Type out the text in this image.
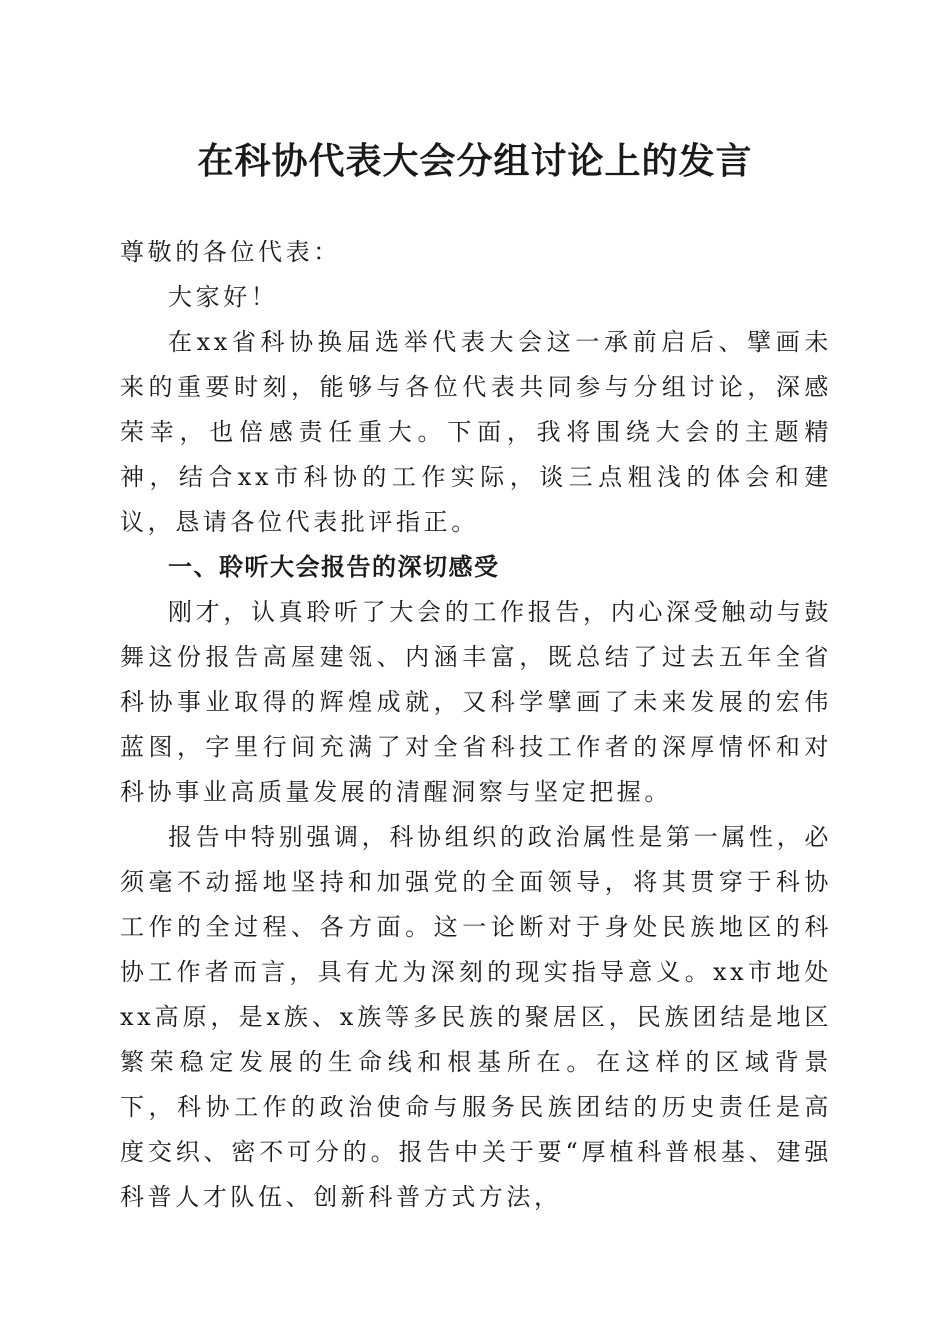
在科协代表大会分组讨论上的发言

尊敬的各位代表：

大家好！

在xx省科协换届选举代表大会这一承前启后、擘画未来的重要时刻，能够与各位代表共同参与分组讨论，深感荣幸，也倍感责任重大。下面，我将围绕大会的主题精神，结合xx市科协的工作实际，谈三点粗浅的体会和建议，恳请各位代表批评指正。

一、聆听大会报告的深切感受

刚才，认真聆听了大会的工作报告，内心深受触动与鼓舞这份报告高屋建瓴、内涵丰富，既总结了过去五年全省科协事业取得的辉煌成就，又科学擘画了未来发展的宏伟蓝图，字里行间充满了对全省科技工作者的深厚情怀和对科协事业高质量发展的清醒洞察与坚定把握。

报告中特别强调，科协组织的政治属性是第一属性，必须毫不动摇地坚持和加强党的全面领导，将其贯穿于科协工作的全过程、各方面。这一论断对于身处民族地区的科协工作者而言，具有尤为深刻的现实指导意义。xx市地处xx高原，是x族、x族等多民族的聚居区，民族团结是地区繁荣稳定发展的生命线和根基所在。在这样的区域背景下，科协工作的政治使命与服务民族团结的历史责任是高度交织、密不可分的。报告中关于要“厚植科普根基、建强科普人才队伍、创新科普方式方法，
